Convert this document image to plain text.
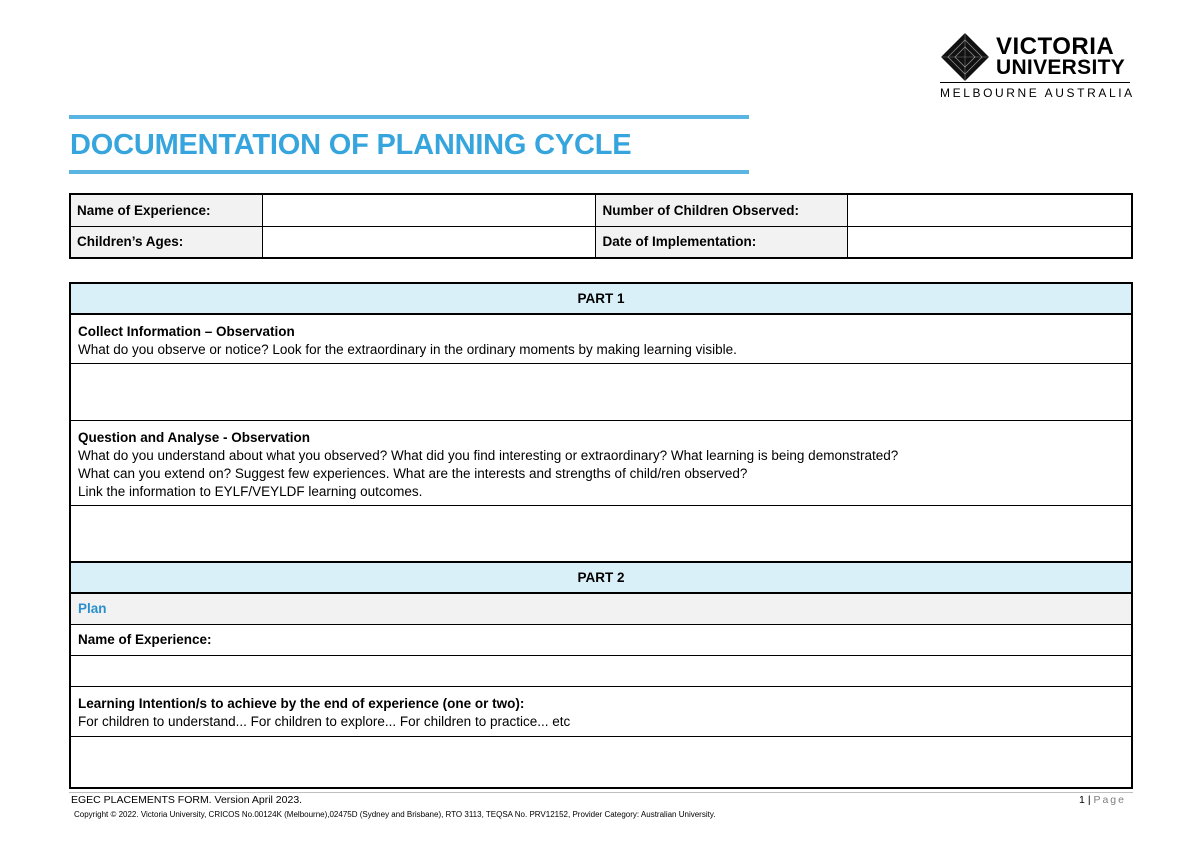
VICTORIA
UNIVERSITY
MELBOURNE AUSTRALIA
DOCUMENTATION OF PLANNING CYCLE
Name of Experience:		Number of Children Observed:	
Children’s Ages:		Date of Implementation:	
PART 1

Collect Information – Observation
What do you observe or notice? Look for the extraordinary in the ordinary moments by making learning visible.

Question and Analyse - Observation
What do you understand about what you observed? What did you find interesting or extraordinary? What learning is being demonstrated?
What can you extend on? Suggest few experiences. What are the interests and strengths of child/ren observed?
Link the information to EYLF/VEYLDF learning outcomes.

PART 2
Plan
Name of Experience:

Learning Intention/s to achieve by the end of experience (one or two):
For children to understand... For children to explore... For children to practice... etc

EGEC PLACEMENTS FORM. Version April 2023.
Copyright © 2022. Victoria University, CRICOS No.00124K (Melbourne),02475D (Sydney and Brisbane), RTO 3113, TEQSA No. PRV12152, Provider Category: Australian University.
1 | Page
